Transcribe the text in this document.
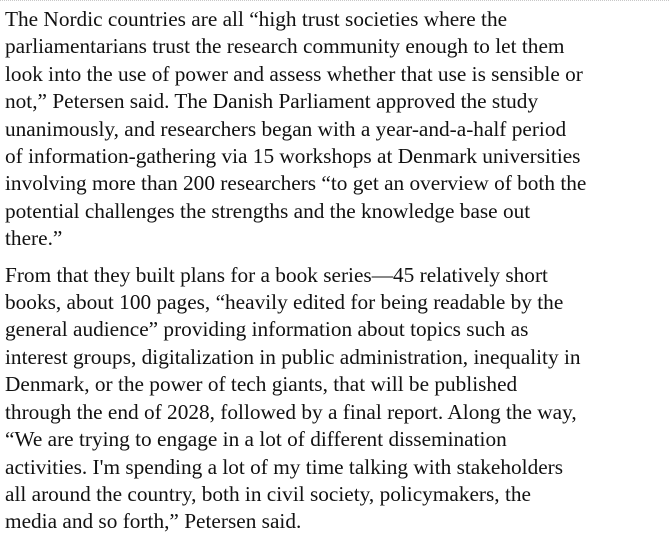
The Nordic countries are all “high trust societies where the
parliamentarians trust the research community enough to let them
look into the use of power and assess whether that use is sensible or
not,” Petersen said. The Danish Parliament approved the study
unanimously, and researchers began with a year-and-a-half period
of information-gathering via 15 workshops at Denmark universities
involving more than 200 researchers “to get an overview of both the
potential challenges the strengths and the knowledge base out
there.”

From that they built plans for a book series—45 relatively short
books, about 100 pages, “heavily edited for being readable by the
general audience” providing information about topics such as
interest groups, digitalization in public administration, inequality in
Denmark, or the power of tech giants, that will be published
through the end of 2028, followed by a final report. Along the way,
“We are trying to engage in a lot of different dissemination
activities. I'm spending a lot of my time talking with stakeholders
all around the country, both in civil society, policymakers, the
media and so forth,” Petersen said.
